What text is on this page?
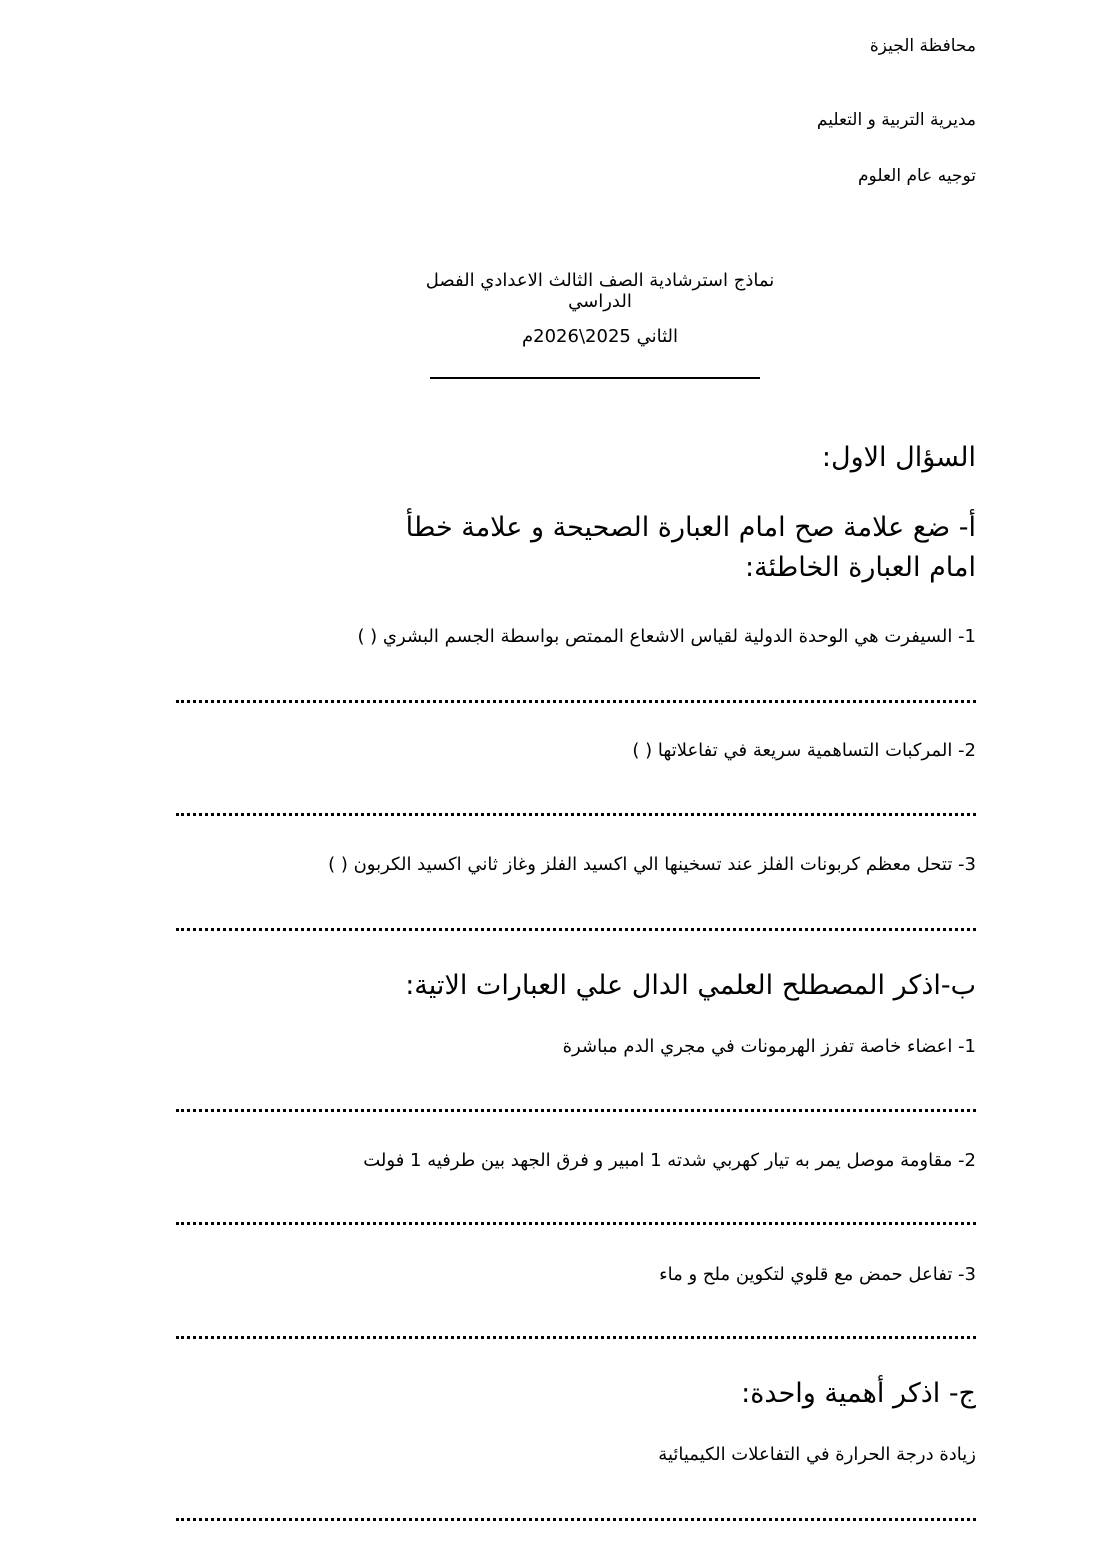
محافظة الجيزة
مديرية التربية و التعليم
توجيه عام العلوم
نماذج استرشادية الصف الثالث الاعدادي الفصل الدراسي
الثاني 2025\2026م
السؤال الاول:
أ- ضع علامة صح امام العبارة الصحيحة و علامة خطأ امام العبارة الخاطئة:
1- السيفرت هي الوحدة الدولية لقياس الاشعاع الممتص بواسطة الجسم البشري ( )
2- المركبات التساهمية سريعة في تفاعلاتها ( )
3- تتحل معظم كربونات الفلز عند تسخينها الي اكسيد الفلز وغاز ثاني اكسيد الكربون ( )
ب-اذكر المصطلح العلمي الدال علي العبارات الاتية:
1- اعضاء خاصة تفرز الهرمونات في مجري الدم مباشرة
2- مقاومة موصل يمر به تيار كهربي شدته 1 امبير و فرق الجهد بين طرفيه 1 فولت
3- تفاعل حمض مع قلوي لتكوين ملح و ماء
ج- اذكر أهمية واحدة:
زيادة درجة الحرارة في التفاعلات الكيميائية
